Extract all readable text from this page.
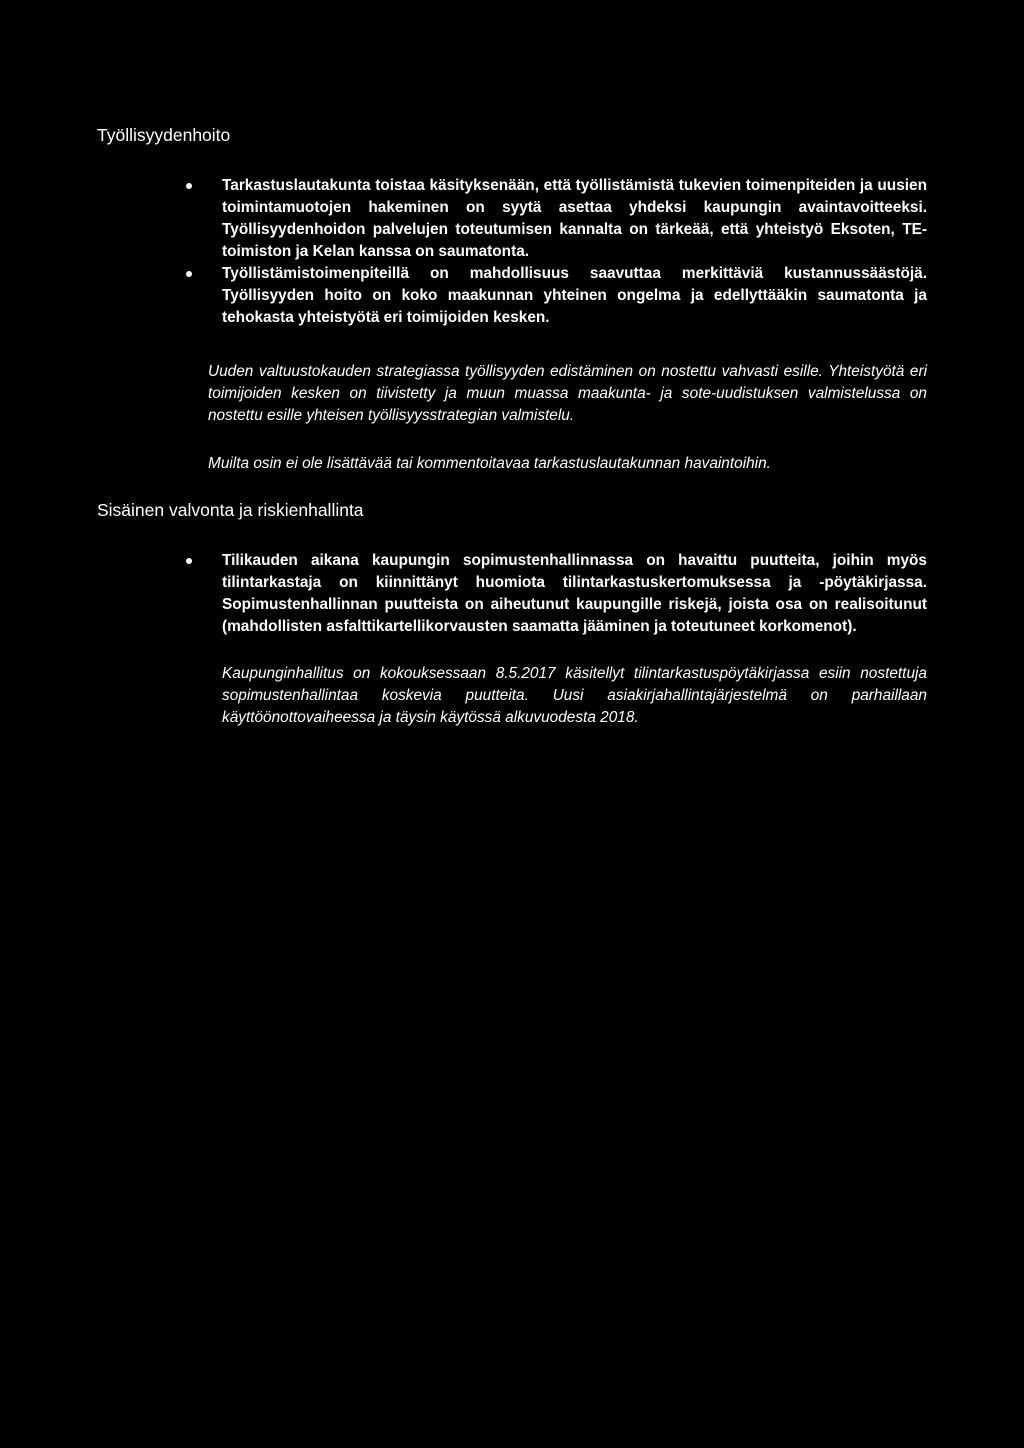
Työllisyydenhoito
Tarkastuslautakunta toistaa käsityksenään, että työllistämistä tukevien toimenpiteiden ja uusien toimintamuotojen hakeminen on syytä asettaa yhdeksi kaupungin avaintavoitteeksi. Työllisyydenhoidon palvelujen toteutumisen kannalta on tärkeää, että yhteistyö Eksoten, TE-toimiston ja Kelan kanssa on saumatonta.
Työllistämistoimenpiteillä on mahdollisuus saavuttaa merkittäviä kustannussäästöjä. Työllisyyden hoito on koko maakunnan yhteinen ongelma ja edellyttääkin saumatonta ja tehokasta yhteistyötä eri toimijoiden kesken.

Uuden valtuustokauden strategiassa työllisyyden edistäminen on nostettu vahvasti esille. Yhteistyötä eri toimijoiden kesken on tiivistetty ja muun muassa maakunta- ja sote-uudistuksen valmistelussa on nostettu esille yhteisen työllisyysstrategian valmistelu.

Muilta osin ei ole lisättävää tai kommentoitavaa tarkastuslautakunnan havaintoihin.

Sisäinen valvonta ja riskienhallinta
Tilikauden aikana kaupungin sopimustenhallinnassa on havaittu puutteita, joihin myös tilintarkastaja on kiinnittänyt huomiota tilintarkastuskertomuksessa ja -pöytäkirjassa. Sopimustenhallinnan puutteista on aiheutunut kaupungille riskejä, joista osa on realisoitunut (mahdollisten asfalttikartellikorvausten saamatta jääminen ja toteutuneet korkomenot).

Kaupunginhallitus on kokouksessaan 8.5.2017 käsitellyt tilintarkastuspöytäkirjassa esiin nostettuja sopimustenhallintaa koskevia puutteita. Uusi asiakirjahallintajärjestelmä on parhaillaan käyttöönottovaiheessa ja täysin käytössä alkuvuodesta 2018.
